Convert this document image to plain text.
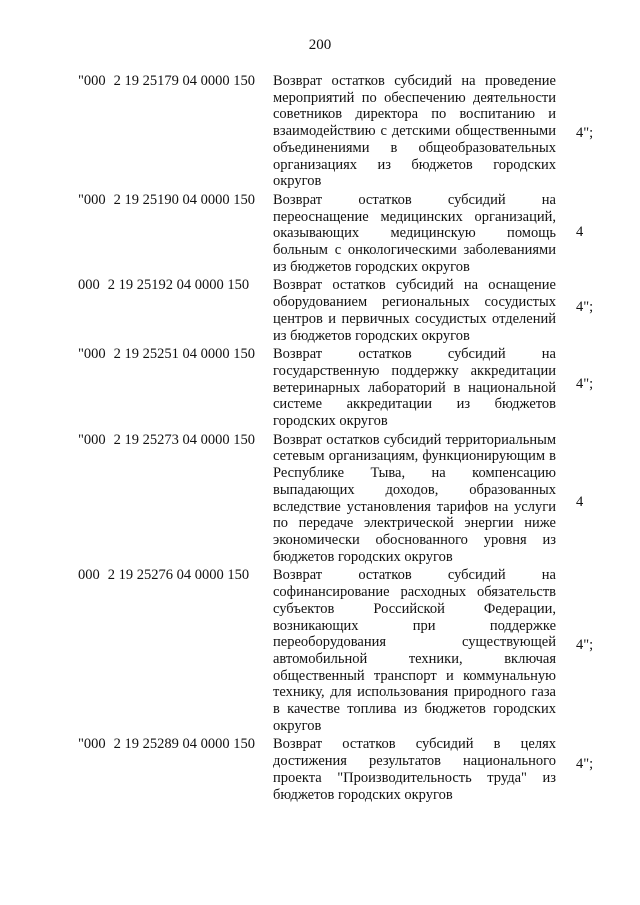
200
"000 2 19 25179 04 0000 150	Возврат остатков субсидий на проведение мероприятий по обеспечению деятельности советников директора по воспитанию и взаимодействию с детскими общественными объединениями в общеобразовательных организациях из бюджетов городских округов
4";
"000 2 19 25190 04 0000 150	Возврат остатков субсидий на переоснащение медицинских организаций, оказывающих медицинскую помощь больным с онкологическими заболеваниями из бюджетов городских округов
4
000 2 19 25192 04 0000 150	Возврат остатков субсидий на оснащение оборудованием региональных сосудистых центров и первичных сосудистых отделений из бюджетов городских округов
4";
"000 2 19 25251 04 0000 150	Возврат остатков субсидий на государственную поддержку аккредитации ветеринарных лабораторий в национальной системе аккредитации из бюджетов городских округов
4";
"000 2 19 25273 04 0000 150	Возврат остатков субсидий территориальным сетевым организациям, функционирующим в Республике Тыва, на компенсацию выпадающих доходов, образованных вследствие установления тарифов на услуги по передаче электрической энергии ниже экономически обоснованного уровня из бюджетов городских округов
4
000 2 19 25276 04 0000 150	Возврат остатков субсидий на софинансирование расходных обязательств субъектов Российской Федерации, возникающих при поддержке переоборудования существующей автомобильной техники, включая общественный транспорт и коммунальную технику, для использования природного газа в качестве топлива из бюджетов городских округов
4";
"000 2 19 25289 04 0000 150	Возврат остатков субсидий в целях достижения результатов национального проекта "Производительность труда" из бюджетов городских округов
4";
